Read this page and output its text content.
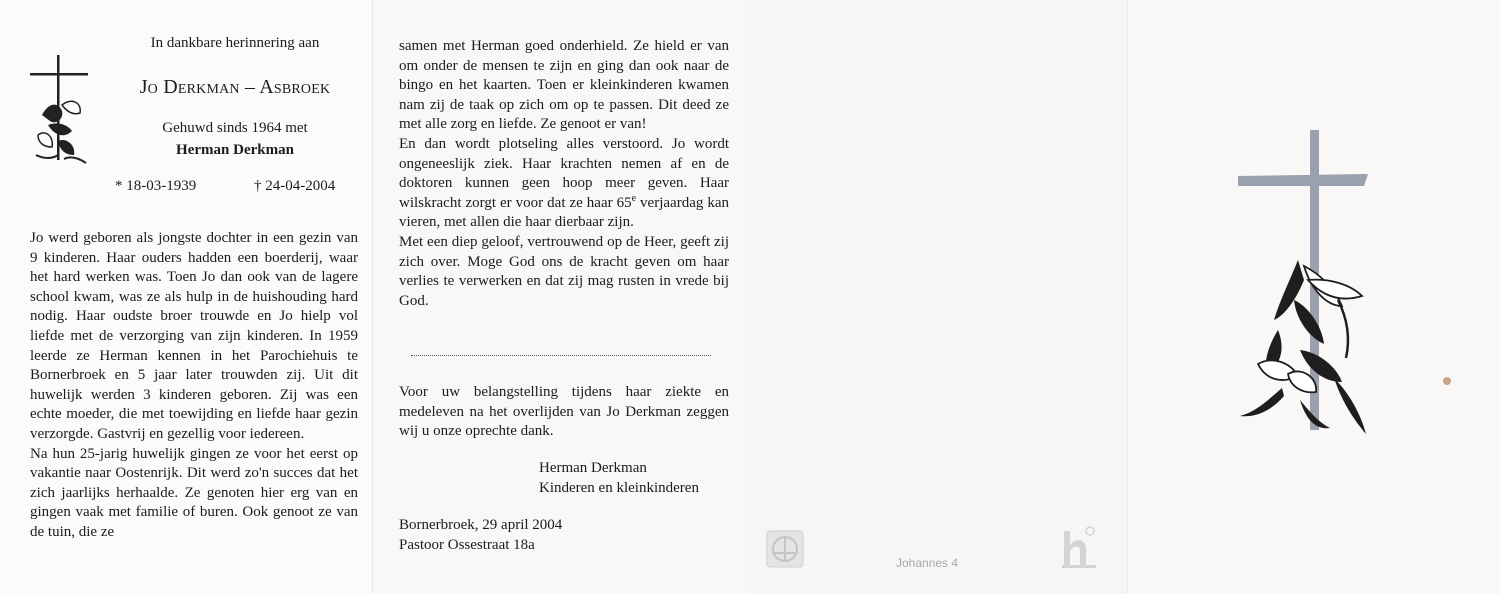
In dankbare herinnering aan
Jo Derkman – Asbroek
Gehuwd sinds 1964 met
Herman Derkman
* 18-03-1939	† 24-04-2004

Jo werd geboren als jongste dochter in een gezin van 9 kinderen. Haar ouders hadden een boerderij, waar het hard werken was. Toen Jo dan ook van de lagere school kwam, was ze als hulp in de huishouding hard nodig. Haar oudste broer trouwde en Jo hielp vol liefde met de verzorging van zijn kinderen. In 1959 leerde ze Herman kennen in het Parochiehuis te Bornerbroek en 5 jaar later trouwden zij. Uit dit huwelijk werden 3 kinderen geboren. Zij was een echte moeder, die met toewijding en liefde haar gezin verzorgde. Gastvrij en gezellig voor iedereen.

Na hun 25-jarig huwelijk gingen ze voor het eerst op vakantie naar Oostenrijk. Dit werd zo'n succes dat het zich jaarlijks herhaalde. Ze genoten hier erg van en gingen vaak met familie of buren. Ook genoot ze van de tuin, die ze

samen met Herman goed onderhield. Ze hield er van om onder de mensen te zijn en ging dan ook naar de bingo en het kaarten. Toen er kleinkinderen kwamen nam zij de taak op zich om op te passen. Dit deed ze met alle zorg en liefde. Ze genoot er van!

En dan wordt plotseling alles verstoord. Jo wordt ongeneeslijk ziek. Haar krachten nemen af en de doktoren kunnen geen hoop meer geven. Haar wilskracht zorgt er voor dat ze haar 65e verjaardag kan vieren, met allen die haar dierbaar zijn.

Met een diep geloof, vertrouwend op de Heer, geeft zij zich over. Moge God ons de kracht geven om haar verlies te verwerken en dat zij mag rusten in vrede bij God.

Voor uw belangstelling tijdens haar ziekte en medeleven na het overlijden van Jo Derkman zeggen wij u onze oprechte dank.
Herman Derkman
Kinderen en kleinkinderen
Bornerbroek, 29 april 2004
Pastoor Ossestraat 18a
Johannes 4
